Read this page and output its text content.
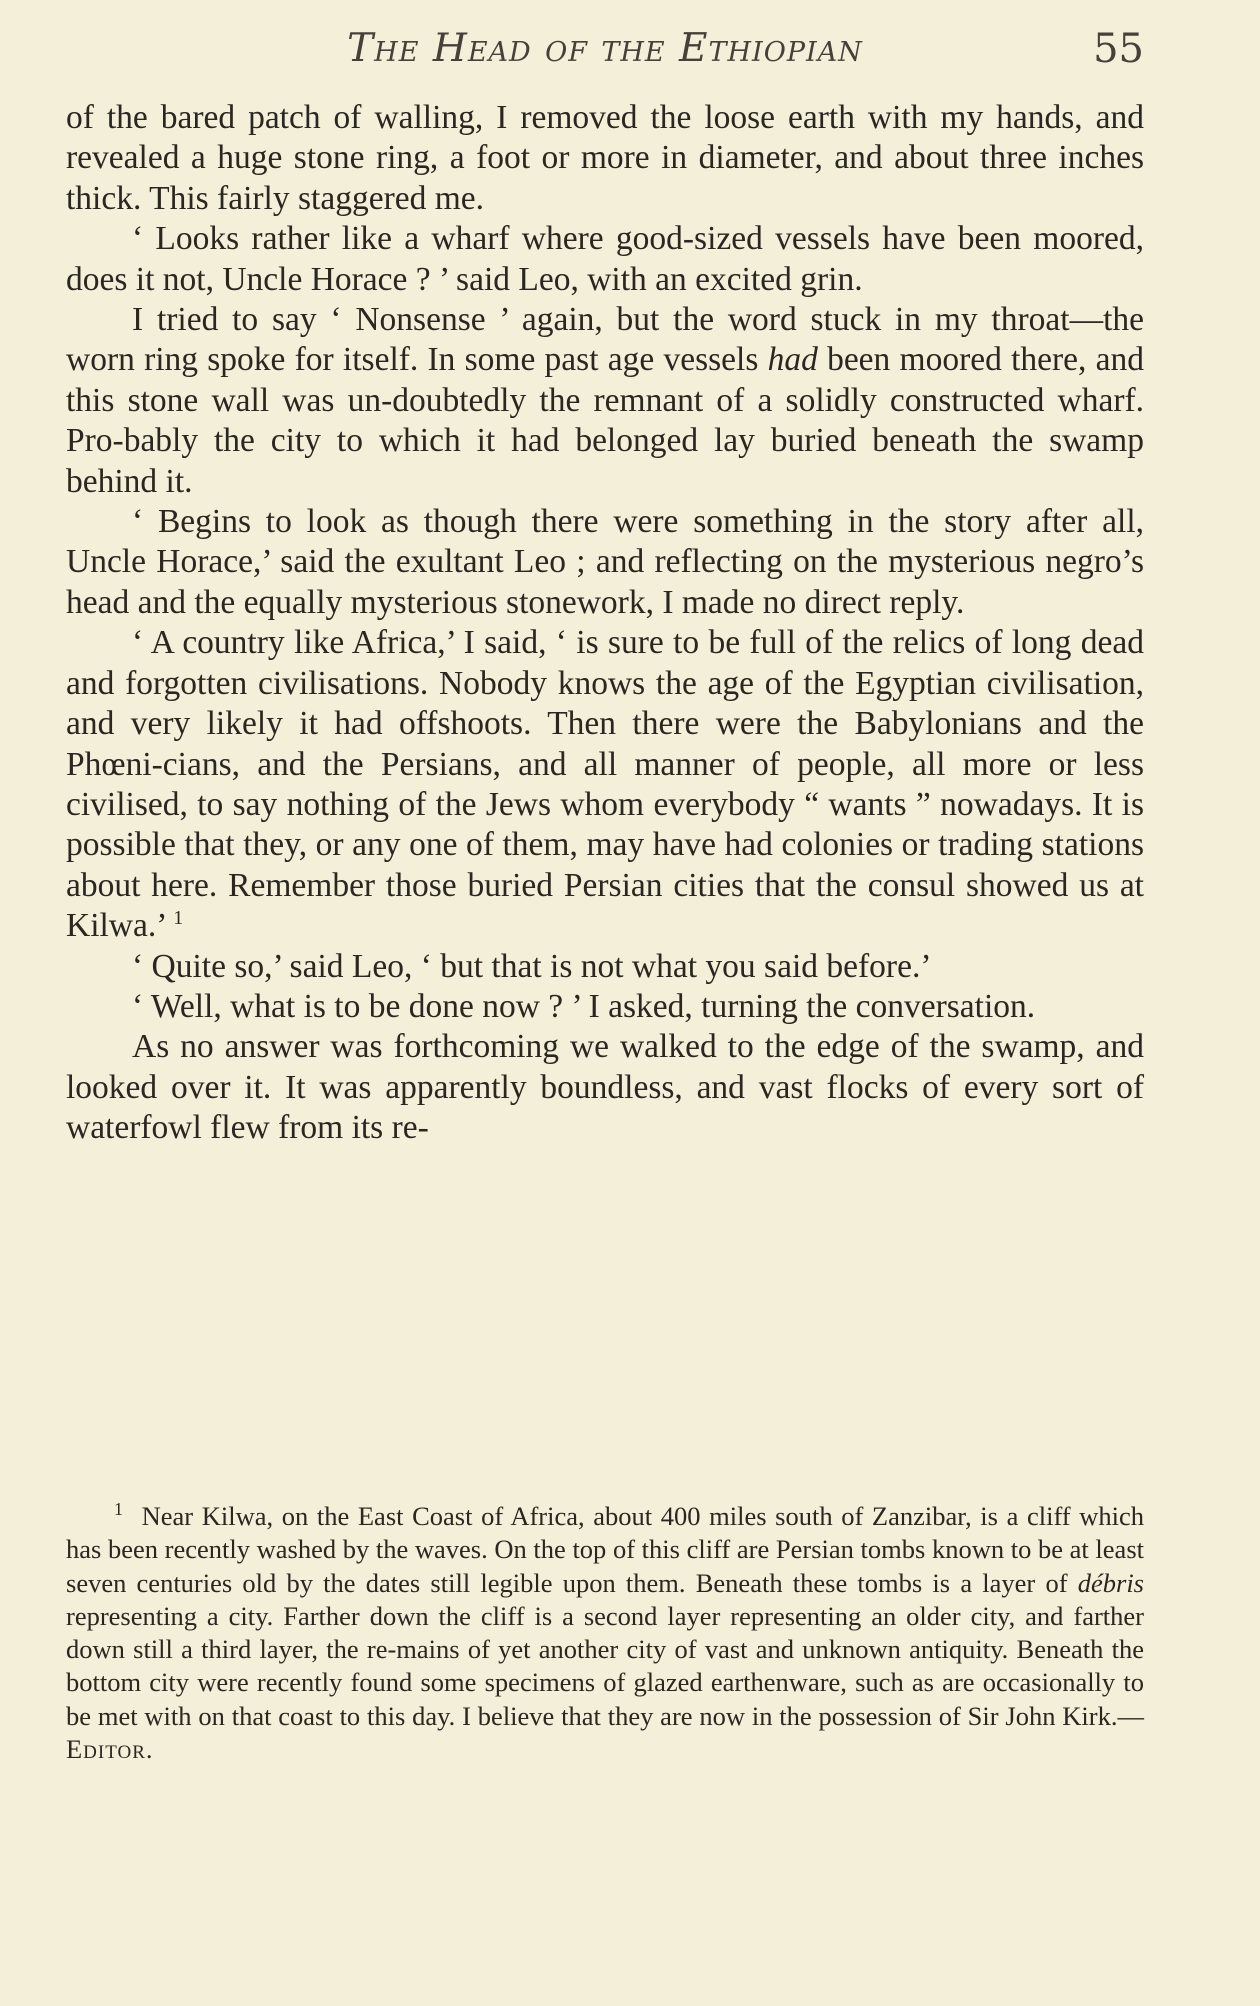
The Head of the Ethiopian	55

of the bared patch of walling, I removed the loose earth with my hands, and revealed a huge stone ring, a foot or more in diameter, and about three inches thick. This fairly staggered me.

‘ Looks rather like a wharf where good-sized vessels have been moored, does it not, Uncle Horace ? ’ said Leo, with an excited grin.

I tried to say ‘ Nonsense ’ again, but the word stuck in my throat—the worn ring spoke for itself. In some past age vessels had been moored there, and this stone wall was un-doubtedly the remnant of a solidly constructed wharf. Pro-bably the city to which it had belonged lay buried beneath the swamp behind it.

‘ Begins to look as though there were something in the story after all, Uncle Horace,’ said the exultant Leo ; and reflecting on the mysterious negro’s head and the equally mysterious stonework, I made no direct reply.

‘ A country like Africa,’ I said, ‘ is sure to be full of the relics of long dead and forgotten civilisations. Nobody knows the age of the Egyptian civilisation, and very likely it had offshoots. Then there were the Babylonians and the Phœni-cians, and the Persians, and all manner of people, all more or less civilised, to say nothing of the Jews whom everybody “ wants ” nowadays. It is possible that they, or any one of them, may have had colonies or trading stations about here. Remember those buried Persian cities that the consul showed us at Kilwa.’ $^1$

‘ Quite so,’ said Leo, ‘ but that is not what you said before.’

‘ Well, what is to be done now ? ’ I asked, turning the conversation.

As no answer was forthcoming we walked to the edge of the swamp, and looked over it. It was apparently boundless, and vast flocks of every sort of waterfowl flew from its re-

$^1$ Near Kilwa, on the East Coast of Africa, about 400 miles south of Zanzibar, is a cliff which has been recently washed by the waves. On the top of this cliff are Persian tombs known to be at least seven centuries old by the dates still legible upon them. Beneath these tombs is a layer of débris representing a city. Farther down the cliff is a second layer representing an older city, and farther down still a third layer, the re-mains of yet another city of vast and unknown antiquity. Beneath the bottom city were recently found some specimens of glazed earthenware, such as are occasionally to be met with on that coast to this day. I believe that they are now in the possession of Sir John Kirk.—Editor.
